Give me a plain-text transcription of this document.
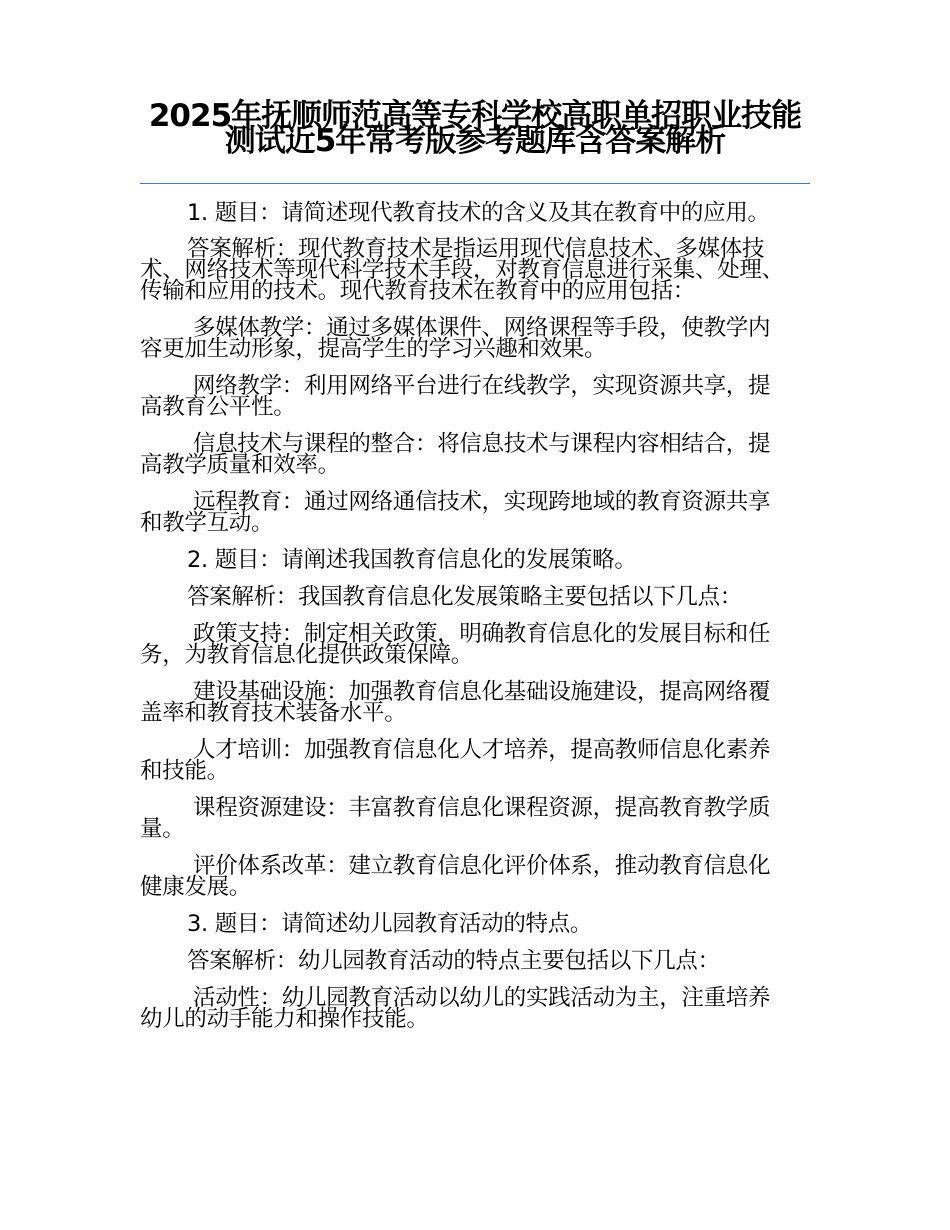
2025年抚顺师范高等专科学校高职单招职业技能测试近5年常考版参考题库含答案解析

1. 题目：请简述现代教育技术的含义及其在教育中的应用。

答案解析：现代教育技术是指运用现代信息技术、多媒体技术、网络技术等现代科学技术手段，对教育信息进行采集、处理、传输和应用的技术。现代教育技术在教育中的应用包括：

多媒体教学：通过多媒体课件、网络课程等手段，使教学内容更加生动形象，提高学生的学习兴趣和效果。

网络教学：利用网络平台进行在线教学，实现资源共享，提高教育公平性。

信息技术与课程的整合：将信息技术与课程内容相结合，提高教学质量和效率。

远程教育：通过网络通信技术，实现跨地域的教育资源共享和教学互动。

2. 题目：请阐述我国教育信息化的发展策略。

答案解析：我国教育信息化发展策略主要包括以下几点：

政策支持：制定相关政策，明确教育信息化的发展目标和任务，为教育信息化提供政策保障。

建设基础设施：加强教育信息化基础设施建设，提高网络覆盖率和教育技术装备水平。

人才培训：加强教育信息化人才培养，提高教师信息化素养和技能。

课程资源建设：丰富教育信息化课程资源，提高教育教学质量。

评价体系改革：建立教育信息化评价体系，推动教育信息化健康发展。

3. 题目：请简述幼儿园教育活动的特点。

答案解析：幼儿园教育活动的特点主要包括以下几点：

活动性：幼儿园教育活动以幼儿的实践活动为主，注重培养幼儿的动手能力和操作技能。
